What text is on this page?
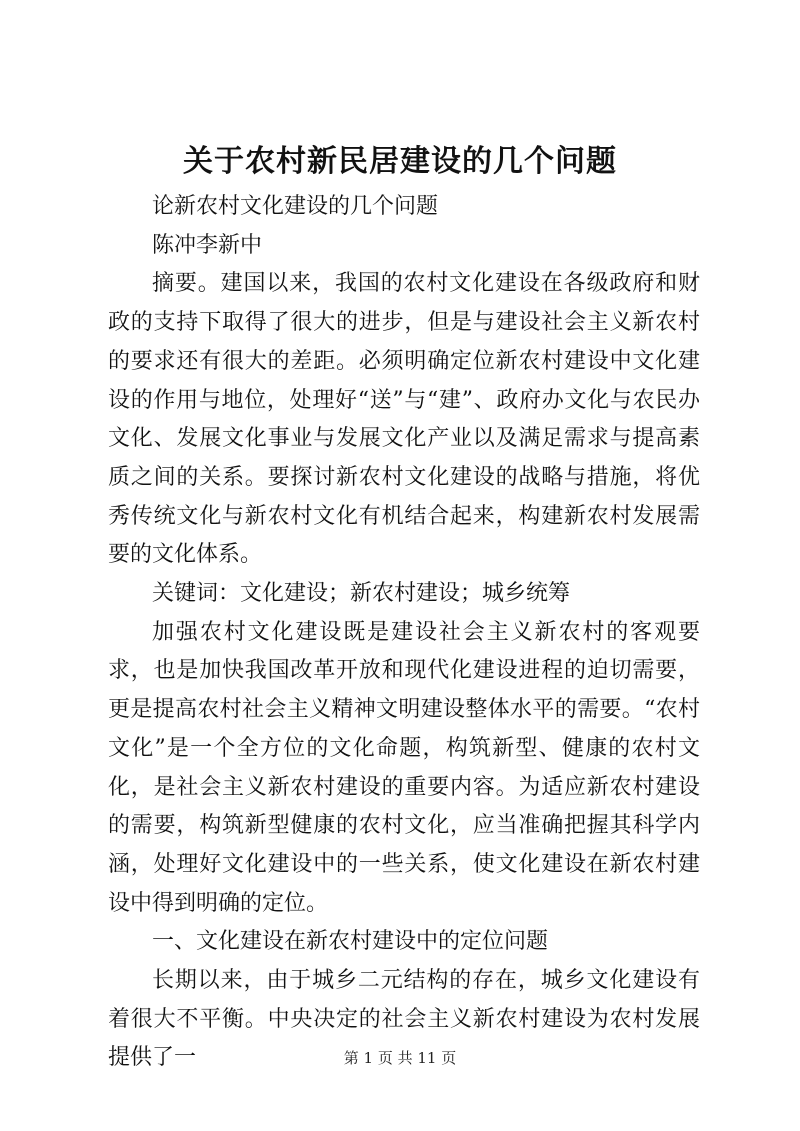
关于农村新民居建设的几个问题

论新农村文化建设的几个问题

陈冲李新中

摘要。建国以来，我国的农村文化建设在各级政府和财政的支持下取得了很大的进步，但是与建设社会主义新农村的要求还有很大的差距。必须明确定位新农村建设中文化建设的作用与地位，处理好“送”与“建”、政府办文化与农民办文化、发展文化事业与发展文化产业以及满足需求与提高素质之间的关系。要探讨新农村文化建设的战略与措施，将优秀传统文化与新农村文化有机结合起来，构建新农村发展需要的文化体系。

关键词：文化建设；新农村建设；城乡统筹

加强农村文化建设既是建设社会主义新农村的客观要求，也是加快我国改革开放和现代化建设进程的迫切需要，更是提高农村社会主义精神文明建设整体水平的需要。“农村文化”是一个全方位的文化命题，构筑新型、健康的农村文化，是社会主义新农村建设的重要内容。为适应新农村建设的需要，构筑新型健康的农村文化，应当准确把握其科学内涵，处理好文化建设中的一些关系，使文化建设在新农村建设中得到明确的定位。

一、文化建设在新农村建设中的定位问题

长期以来，由于城乡二元结构的存在，城乡文化建设有着很大不平衡。中央决定的社会主义新农村建设为农村发展提供了一	第 1 页 共 11 页
